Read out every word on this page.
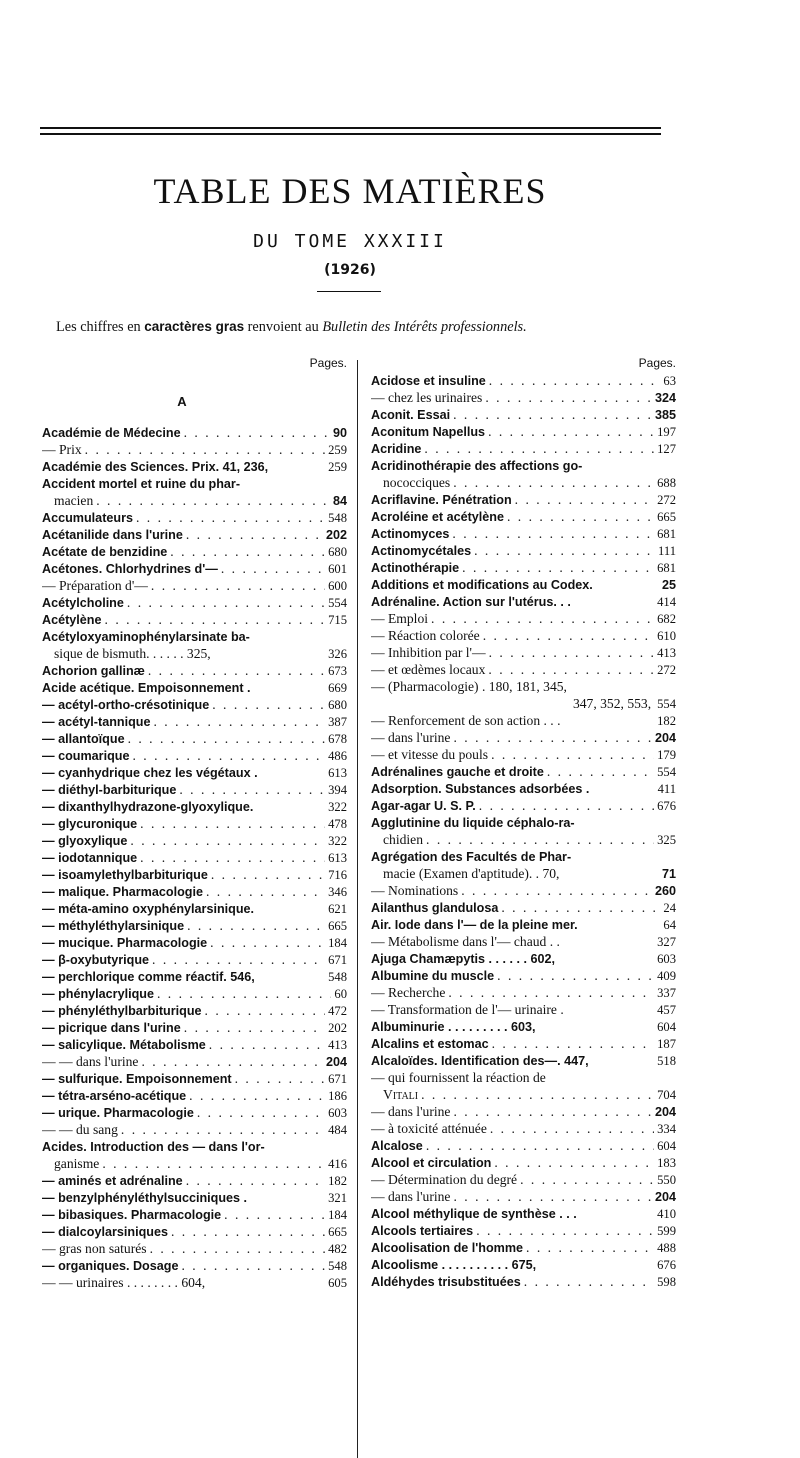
TABLE DES MATIÈRES
DU TOME XXXIII
(1926)
Les chiffres en caractères gras renvoient au Bulletin des Intérêts professionnels.
Pages.
A
Académie de Médecine . . .	90
— Prix . . .	259
Académie des Sciences. Prix. 41, 236,	259
Accident mortel et ruine du phar-
macien . . .	84
Accumulateurs . . .	548
Acétanilide dans l'urine . . .	202
Acétate de benzidine . . .	680
Acétones. Chlorhydrines d'— . . .	601
— Préparation d'— . . .	600
Acétylcholine . . .	554
Acétylène . . .	715
Acétyloxyaminophénylarsinate ba-
sique de bismuth. . . . . . 325,	326
Achorion gallinæ . . .	673
Acide acétique. Empoisonnement .	669
— acétyl-ortho-crésotinique . . .	680
— acétyl-tannique . . .	387
— allantoïque . . .	678
— coumarique . . .	486
— cyanhydrique chez les végétaux .	613
— diéthyl-barbiturique . . .	394
— dixanthylhydrazone-glyoxylique.	322
— glycuronique . . .	478
— glyoxylique . . .	322
— iodotannique . . .	613
— isoamylethylbarbiturique . . .	716
— malique. Pharmacologie . . .	346
— méta-amino oxyphénylarsinique.	621
— méthyléthylarsinique . . .	665
— mucique. Pharmacologie . . .	184
— β-oxybutyrique . . .	671
— perchlorique comme réactif. 546,	548
— phénylacrylique . . .	60
— phényléthylbarbiturique . . .	472
— picrique dans l'urine . . .	202
— salicylique. Métabolisme . . .	413
— — dans l'urine . . .	204
— sulfurique. Empoisonnement . . .	671
— tétra-arséno-acétique . . .	186
— urique. Pharmacologie . . .	603
— — du sang . . .	484
Acides. Introduction des — dans l'or-
ganisme . . .	416
— aminés et adrénaline . . .	182
— benzylphényléthylsucciniques .	321
— bibasiques. Pharmacologie . . .	184
— dialcoylarsiniques . . .	665
— gras non saturés . . .	482
— organiques. Dosage . . .	548
— — urinaires . . . . . . . . 604,	605
Pages.
Acidose et insuline . . .	63
— chez les urinaires . . .	324
Aconit. Essai . . .	385
Aconitum Napellus . . .	197
Acridine . . .	127
Acridinothérapie des affections go-
nococciques . . .	688
Acriflavine. Pénétration . . .	272
Acroléine et acétylène . . .	665
Actinomyces . . .	681
Actinomycétales . . .	111
Actinothérapie . . .	681
Additions et modifications au Codex.	25
Adrénaline. Action sur l'utérus. . .	414
— Emploi . . .	682
— Réaction colorée . . .	610
— Inhibition par l'— . . .	413
— et œdèmes locaux . . .	272
— (Pharmacologie) . 180, 181, 345,
347, 352, 553, 554
— Renforcement de son action . . .	182
— dans l'urine . . .	204
— et vitesse du pouls . . .	179
Adrénalines gauche et droite . . .	554
Adsorption. Substances adsorbées .	411
Agar-agar U. S. P. . . .	676
Agglutinine du liquide céphalo-ra-
chidien . . .	325
Agrégation des Facultés de Phar-
macie (Examen d'aptitude). . 70,	71
— Nominations . . .	260
Ailanthus glandulosa . . .	24
Air. Iode dans l'— de la pleine mer.	64
— Métabolisme dans l'— chaud . .	327
Ajuga Chamæpytis . . . . . . 602,	603
Albumine du muscle . . .	409
— Recherche . . .	337
— Transformation de l'— urinaire .	457
Albuminurie . . . . . . . . . 603,	604
Alcalins et estomac . . .	187
Alcaloïdes. Identification des—. 447,	518
— qui fournissent la réaction de
Vitali . . .	704
— dans l'urine . . .	204
— à toxicité atténuée . . .	334
Alcalose . . .	604
Alcool et circulation . . .	183
— Détermination du degré . . .	550
— dans l'urine . . .	204
Alcool méthylique de synthèse . . .	410
Alcools tertiaires . . .	599
Alcoolisation de l'homme . . .	488
Alcoolisme . . . . . . . . . . 675,	676
Aldéhydes trisubstituées . . .	598
